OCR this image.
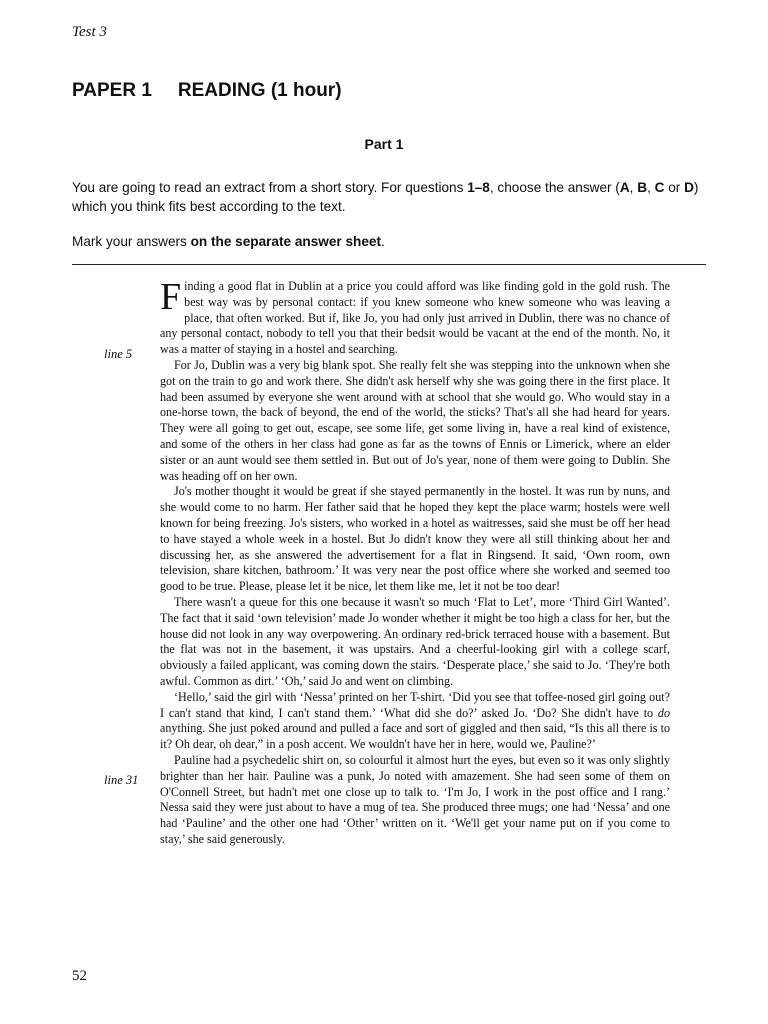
Test 3
PAPER 1 READING (1 hour)
Part 1
You are going to read an extract from a short story. For questions 1–8, choose the answer (A, B, C or D) which you think fits best according to the text.
Mark your answers on the separate answer sheet.
line 5
line 31

Finding a good flat in Dublin at a price you could afford was like finding gold in the gold rush. The best way was by personal contact: if you knew someone who knew someone who was leaving a place, that often worked. But if, like Jo, you had only just arrived in Dublin, there was no chance of any personal contact, nobody to tell you that their bedsit would be vacant at the end of the month. No, it was a matter of staying in a hostel and searching.

For Jo, Dublin was a very big blank spot. She really felt she was stepping into the unknown when she got on the train to go and work there. She didn't ask herself why she was going there in the first place. It had been assumed by everyone she went around with at school that she would go. Who would stay in a one-horse town, the back of beyond, the end of the world, the sticks? That's all she had heard for years. They were all going to get out, escape, see some life, get some living in, have a real kind of existence, and some of the others in her class had gone as far as the towns of Ennis or Limerick, where an elder sister or an aunt would see them settled in. But out of Jo's year, none of them were going to Dublin. She was heading off on her own.

Jo's mother thought it would be great if she stayed permanently in the hostel. It was run by nuns, and she would come to no harm. Her father said that he hoped they kept the place warm; hostels were well known for being freezing. Jo's sisters, who worked in a hotel as waitresses, said she must be off her head to have stayed a whole week in a hostel. But Jo didn't know they were all still thinking about her and discussing her, as she answered the advertisement for a flat in Ringsend. It said, ‘Own room, own television, share kitchen, bathroom.’ It was very near the post office where she worked and seemed too good to be true. Please, please let it be nice, let them like me, let it not be too dear!

There wasn't a queue for this one because it wasn't so much ‘Flat to Let’, more ‘Third Girl Wanted’. The fact that it said ‘own television’ made Jo wonder whether it might be too high a class for her, but the house did not look in any way overpowering. An ordinary red-brick terraced house with a basement. But the flat was not in the basement, it was upstairs. And a cheerful-looking girl with a college scarf, obviously a failed applicant, was coming down the stairs. ‘Desperate place,’ she said to Jo. ‘They're both awful. Common as dirt.’ ‘Oh,’ said Jo and went on climbing.

‘Hello,’ said the girl with ‘Nessa’ printed on her T-shirt. ‘Did you see that toffee-nosed girl going out? I can't stand that kind, I can't stand them.’ ‘What did she do?’ asked Jo. ‘Do? She didn't have to do anything. She just poked around and pulled a face and sort of giggled and then said, “Is this all there is to it? Oh dear, oh dear,” in a posh accent. We wouldn't have her in here, would we, Pauline?’

Pauline had a psychedelic shirt on, so colourful it almost hurt the eyes, but even so it was only slightly brighter than her hair. Pauline was a punk, Jo noted with amazement. She had seen some of them on O'Connell Street, but hadn't met one close up to talk to. ‘I'm Jo, I work in the post office and I rang.’ Nessa said they were just about to have a mug of tea. She produced three mugs; one had ‘Nessa’ and one had ‘Pauline’ and the other one had ‘Other’ written on it. ‘We'll get your name put on if you come to stay,’ she said generously.

52
